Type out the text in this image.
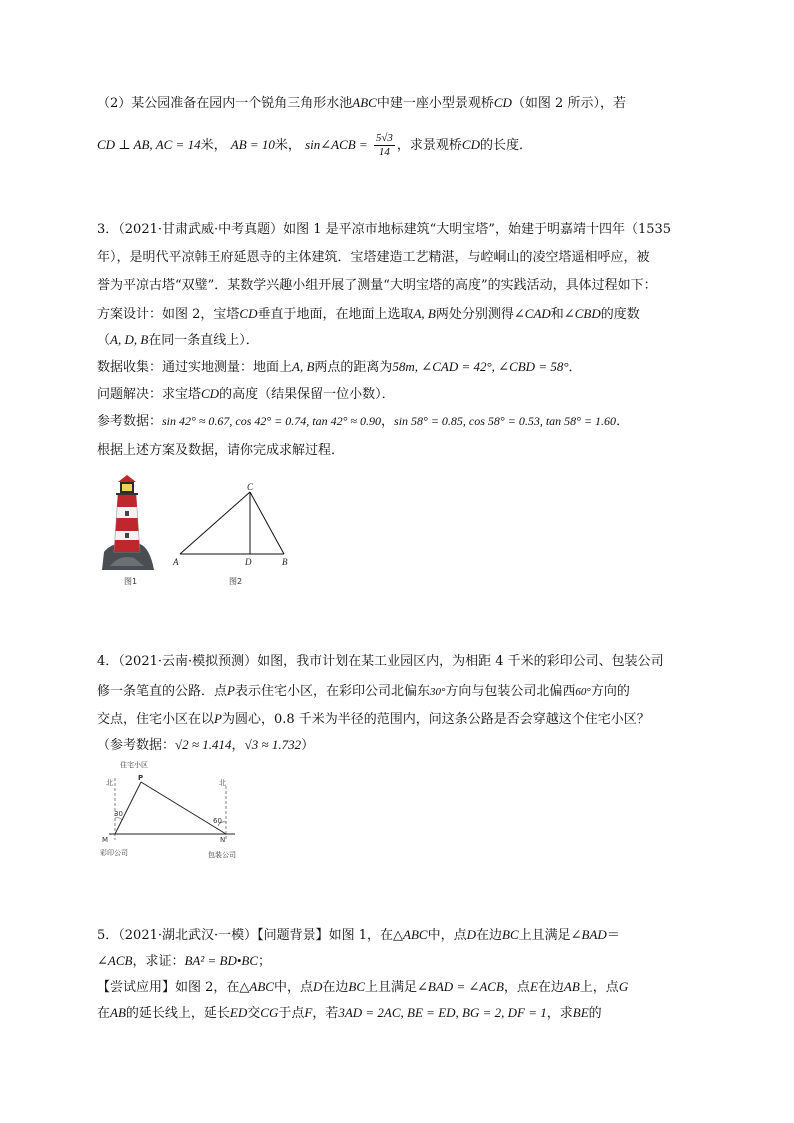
（2）某公园准备在园内一个锐角三角形水池ABC中建一座小型景观桥CD（如图 2 所示），若
CD ⊥ AB, AC = 14米， AB = 10米， sin∠ACB = $\frac{5√3}{14}$ ，求景观桥CD的长度．
3．（2021·甘肃武威·中考真题）如图 1 是平凉市地标建筑“大明宝塔”，始建于明嘉靖十四年（1535
年），是明代平凉韩王府延恩寺的主体建筑．宝塔建造工艺精湛，与崆峒山的凌空塔遥相呼应，被
誉为平凉古塔“双璧”．某数学兴趣小组开展了测量“大明宝塔的高度”的实践活动，具体过程如下：
方案设计：如图 2，宝塔CD垂直于地面，在地面上选取A, B两处分别测得∠CAD和∠CBD的度数
（A, D, B在同一条直线上）．
数据收集：通过实地测量：地面上A, B两点的距离为58m, ∠CAD = 42°, ∠CBD = 58°．
问题解决：求宝塔CD的高度（结果保留一位小数）．
参考数据：sin 42° ≈ 0.67, cos 42° = 0.74, tan 42° ≈ 0.90，sin 58° = 0.85, cos 58° = 0.53, tan 58° = 1.60．
根据上述方案及数据，请你完成求解过程．
图1
C
A	D	B
图2
4．（2021·云南·模拟预测）如图，我市计划在某工业园区内，为相距 4 千米的彩印公司、包装公司
修一条笔直的公路．点P表示住宅小区，在彩印公司北偏东30°方向与包装公司北偏西60°方向的
交点，住宅小区在以P为圆心，0.8 千米为半径的范围内，问这条公路是否会穿越这个住宅小区？
（参考数据：√2 ≈ 1.414，√3 ≈ 1.732）
住宅小区
北	北
P
30
60
M	N
彩印公司	包装公司
5．（2021·湖北武汉·一模）【问题背景】如图 1，在△ABC中，点D在边BC上且满足∠BAD＝
∠ACB，求证：BA² = BD•BC；
【尝试应用】如图 2，在△ABC中，点D在边BC上且满足∠BAD = ∠ACB，点E在边AB上，点G
在AB的延长线上，延长ED交CG于点F，若3AD = 2AC, BE = ED, BG = 2, DF = 1，求BE的
